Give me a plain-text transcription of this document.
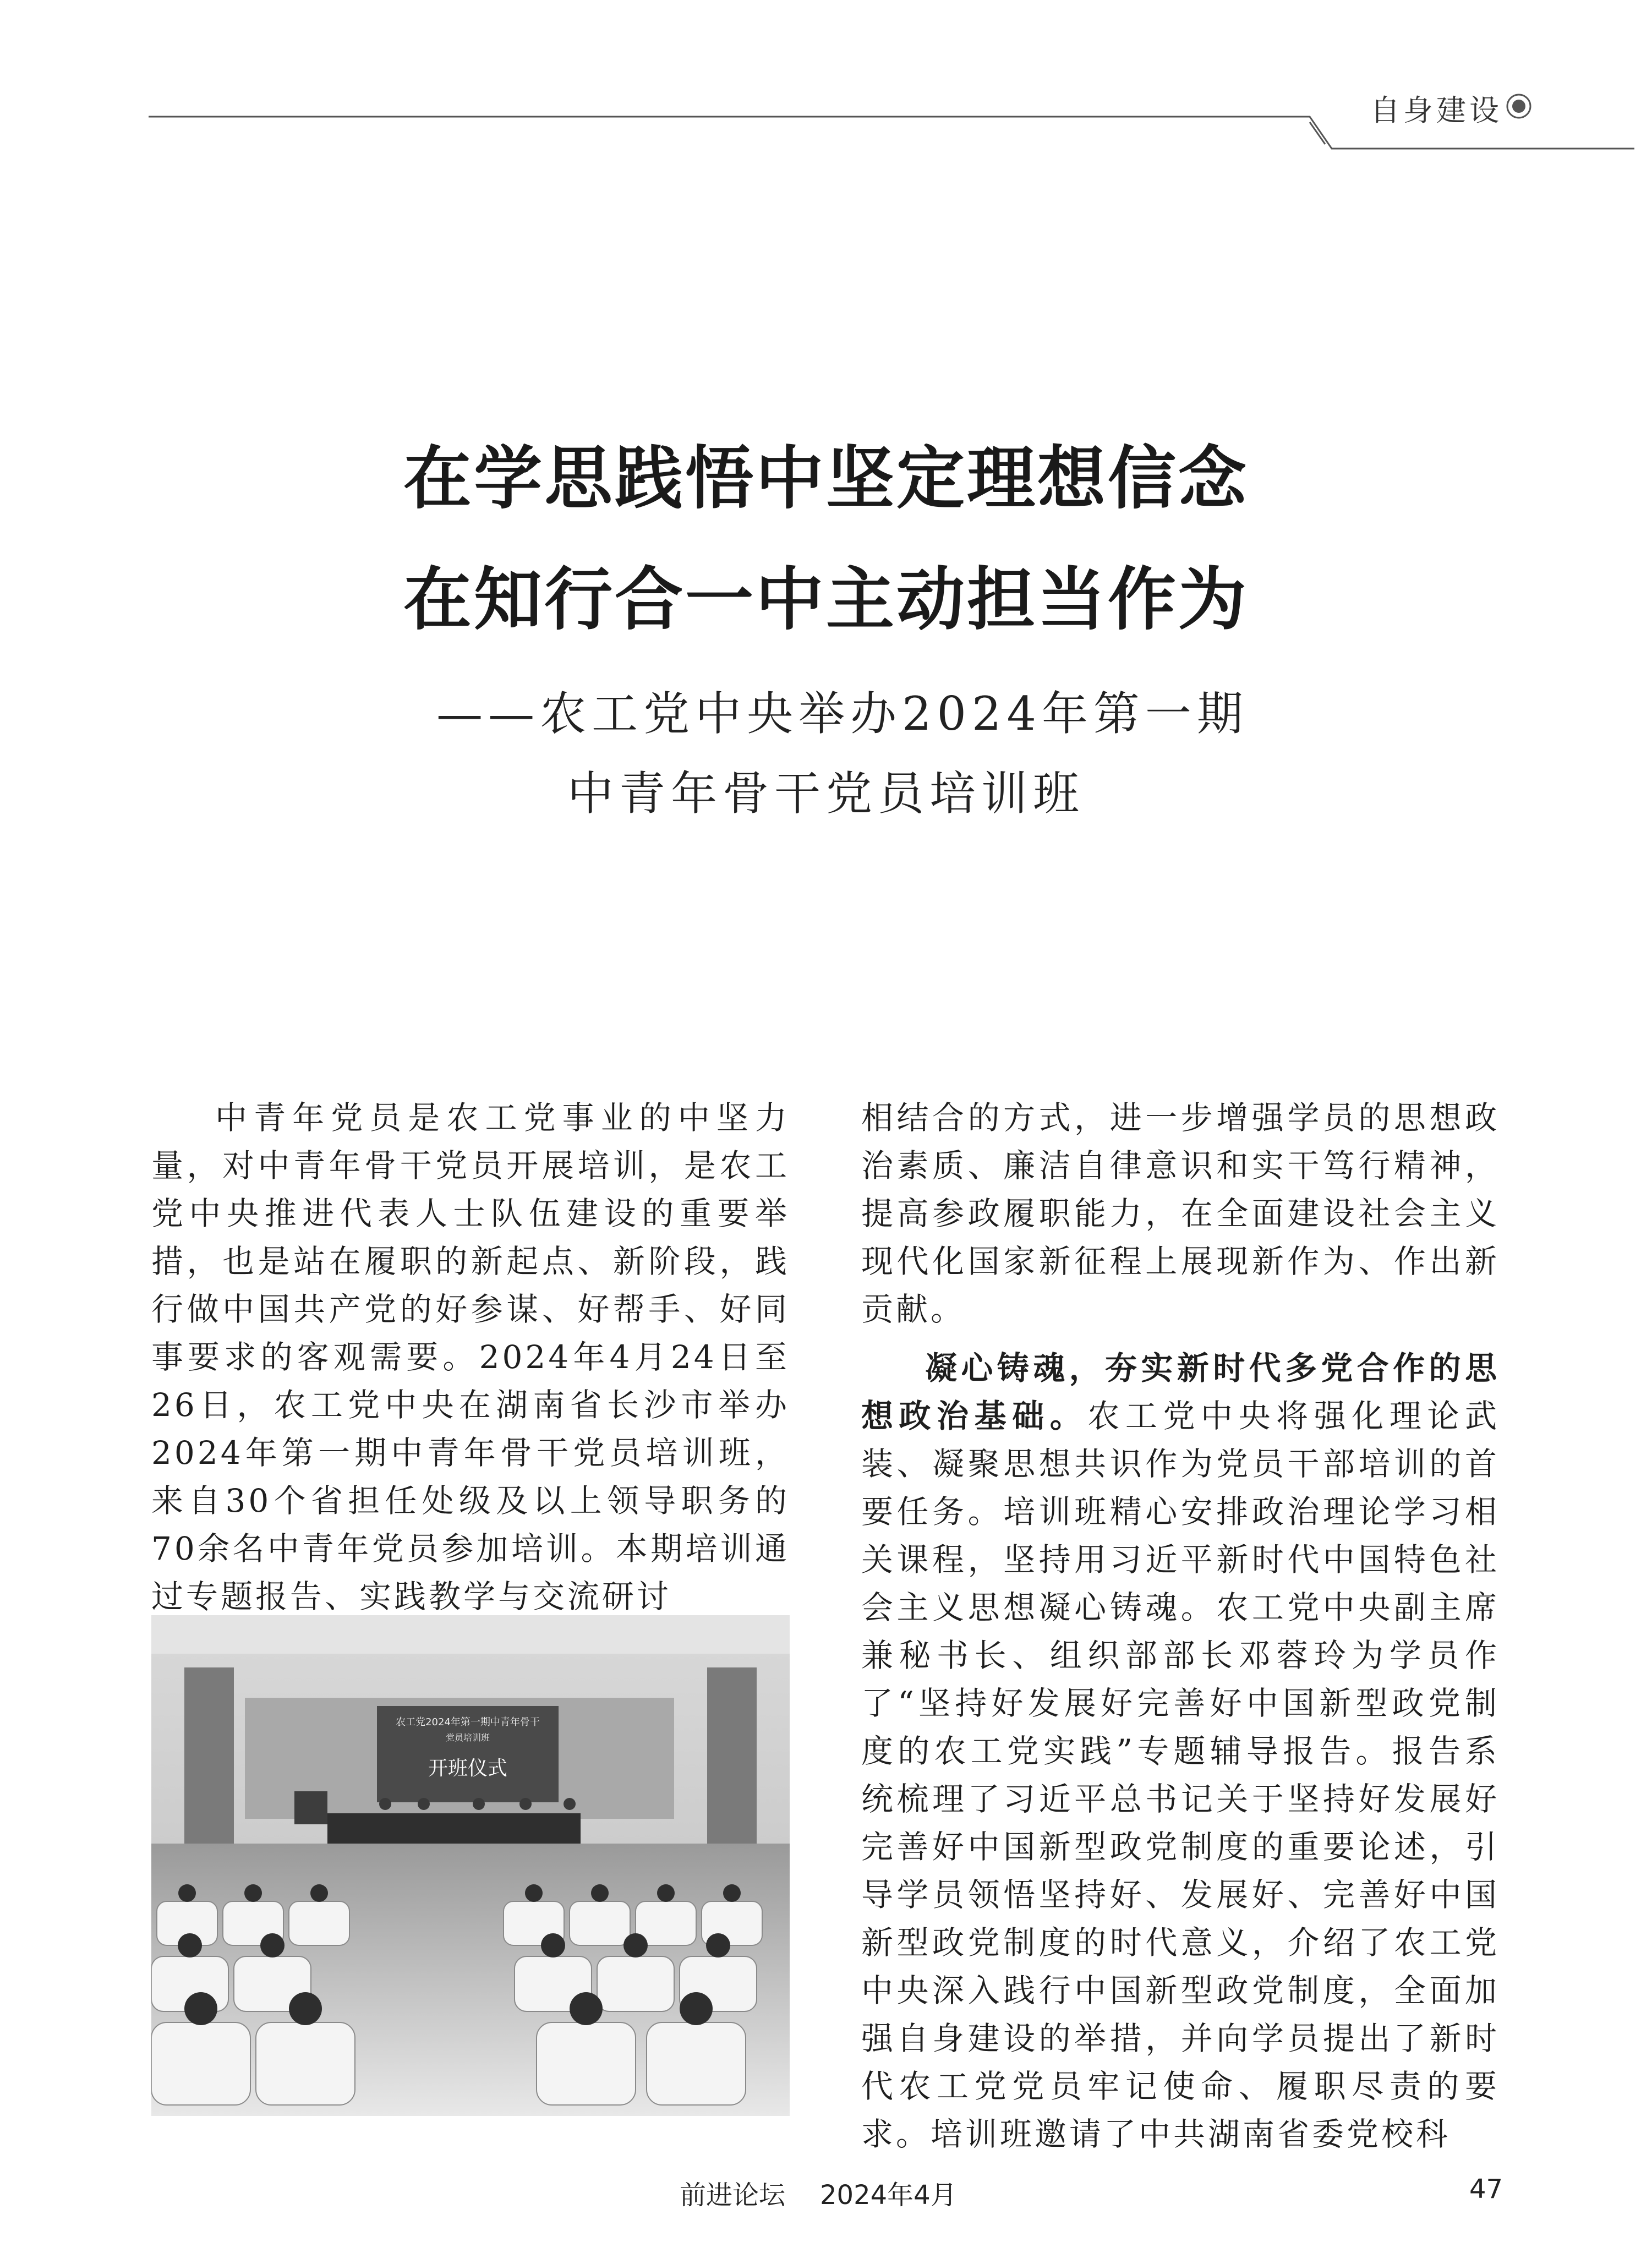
自身建设
在学思践悟中坚定理想信念
在知行合一中主动担当作为
——农工党中央举办2024年第一期
中青年骨干党员培训班

中青年党员是农工党事业的中坚力量，对中青年骨干党员开展培训，是农工党中央推进代表人士队伍建设的重要举措，也是站在履职的新起点、新阶段，践行做中国共产党的好参谋、好帮手、好同事要求的客观需要。2024年4月24日至26日，农工党中央在湖南省长沙市举办2024年第一期中青年骨干党员培训班，来自30个省担任处级及以上领导职务的70余名中青年党员参加培训。本期培训通过专题报告、实践教学与交流研讨

农工党2024年第一期中青年骨干
党员培训班
开班仪式

相结合的方式，进一步增强学员的思想政治素质、廉洁自律意识和实干笃行精神，提高参政履职能力，在全面建设社会主义现代化国家新征程上展现新作为、作出新贡献。

凝心铸魂，夯实新时代多党合作的思想政治基础。农工党中央将强化理论武装、凝聚思想共识作为党员干部培训的首要任务。培训班精心安排政治理论学习相关课程，坚持用习近平新时代中国特色社会主义思想凝心铸魂。农工党中央副主席兼秘书长、组织部部长邓蓉玲为学员作了“坚持好发展好完善好中国新型政党制度的农工党实践”专题辅导报告。报告系统梳理了习近平总书记关于坚持好发展好完善好中国新型政党制度的重要论述，引导学员领悟坚持好、发展好、完善好中国新型政党制度的时代意义，介绍了农工党中央深入践行中国新型政党制度，全面加强自身建设的举措，并向学员提出了新时代农工党党员牢记使命、履职尽责的要求。培训班邀请了中共湖南省委党校科

前进论坛 2024年4月	47
